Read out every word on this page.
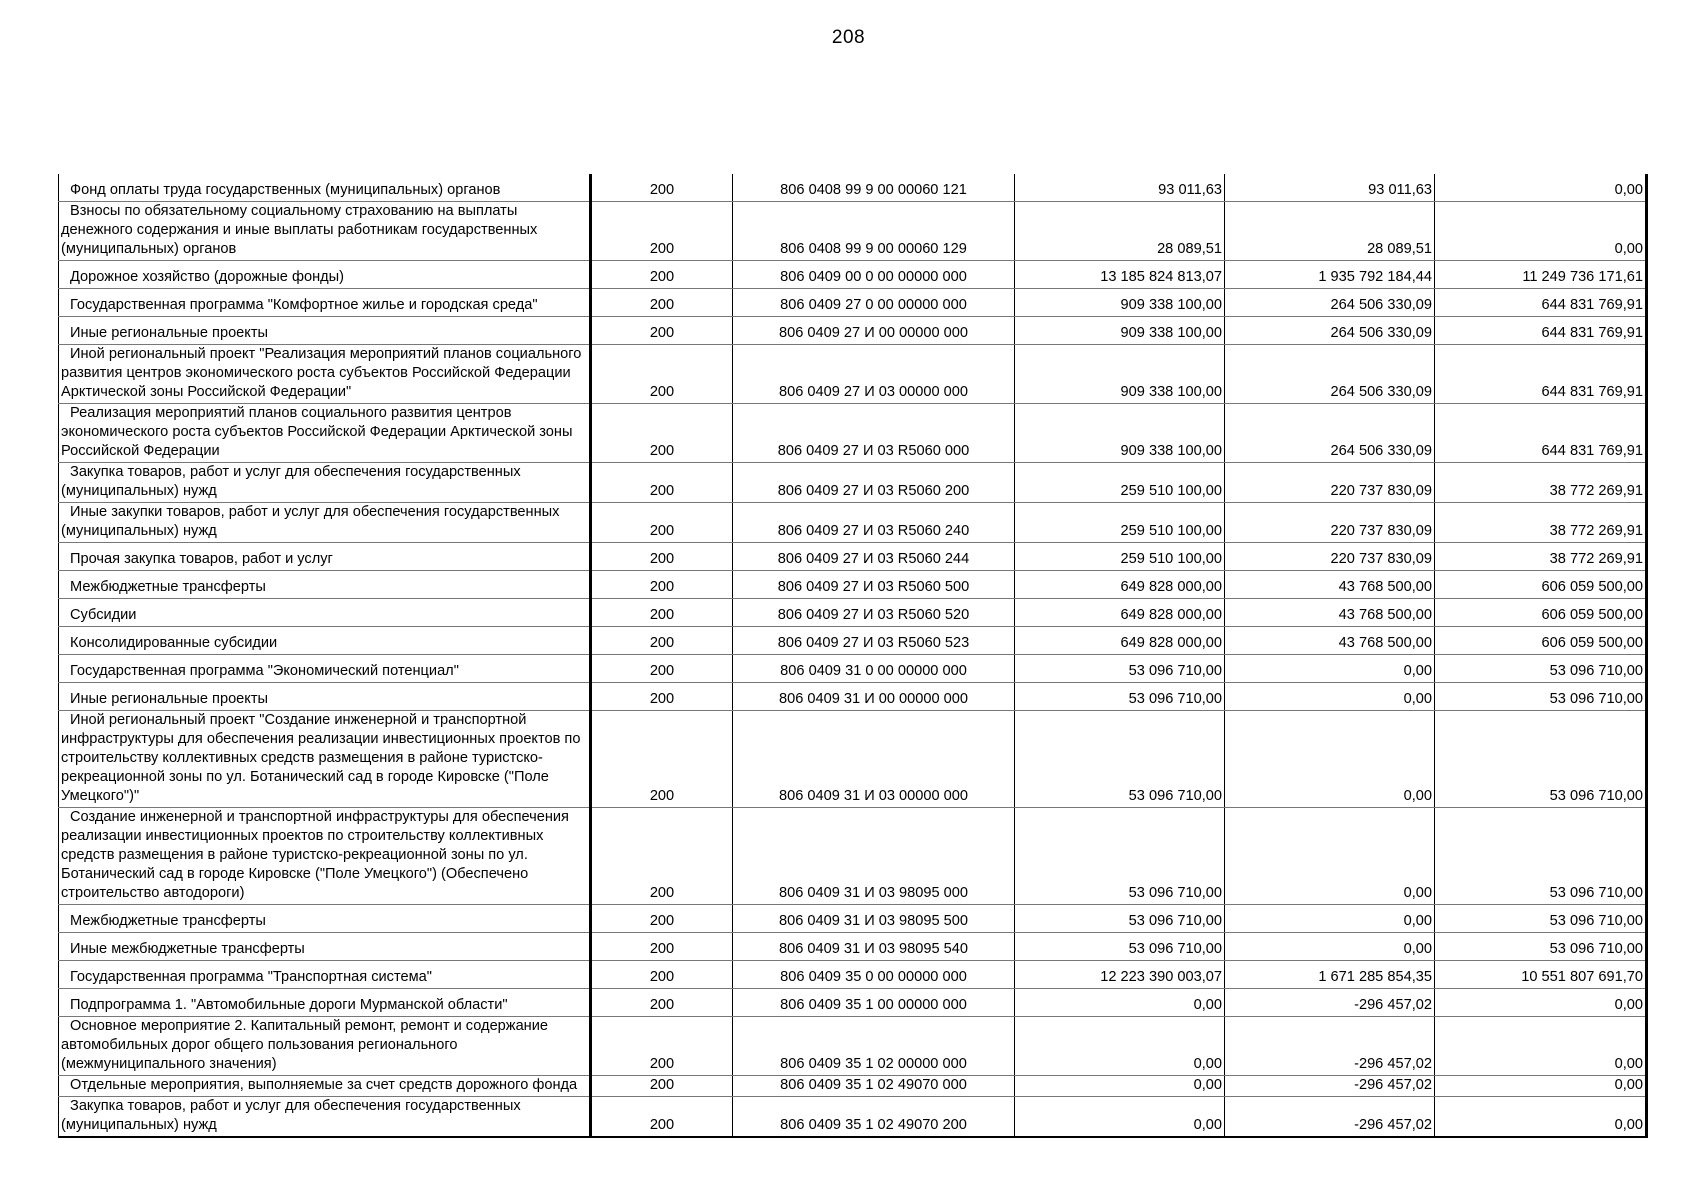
208
Фонд оплаты труда государственных (муниципальных) органов	200	806 0408 99 9 00 00060 121	93 011,63	93 011,63	0,00

Взносы по обязательному социальному страхованию на выплаты денежного содержания и иные выплаты работникам государственных (муниципальных) органов	200	806 0408 99 9 00 00060 129	28 089,51	28 089,51	0,00

Дорожное хозяйство (дорожные фонды)	200	806 0409 00 0 00 00000 000	13 185 824 813,07	1 935 792 184,44	11 249 736 171,61

Государственная программа "Комфортное жилье и городская среда"	200	806 0409 27 0 00 00000 000	909 338 100,00	264 506 330,09	644 831 769,91

Иные региональные проекты	200	806 0409 27 И 00 00000 000	909 338 100,00	264 506 330,09	644 831 769,91

Иной региональный проект "Реализация мероприятий планов социального развития центров экономического роста субъектов Российской Федерации Арктической зоны Российской Федерации"	200	806 0409 27 И 03 00000 000	909 338 100,00	264 506 330,09	644 831 769,91

Реализация мероприятий планов социального развития центров экономического роста субъектов Российской Федерации Арктической зоны Российской Федерации	200	806 0409 27 И 03 R5060 000	909 338 100,00	264 506 330,09	644 831 769,91

Закупка товаров, работ и услуг для обеспечения государственных (муниципальных) нужд	200	806 0409 27 И 03 R5060 200	259 510 100,00	220 737 830,09	38 772 269,91

Иные закупки товаров, работ и услуг для обеспечения государственных (муниципальных) нужд	200	806 0409 27 И 03 R5060 240	259 510 100,00	220 737 830,09	38 772 269,91

Прочая закупка товаров, работ и услуг	200	806 0409 27 И 03 R5060 244	259 510 100,00	220 737 830,09	38 772 269,91

Межбюджетные трансферты	200	806 0409 27 И 03 R5060 500	649 828 000,00	43 768 500,00	606 059 500,00

Субсидии	200	806 0409 27 И 03 R5060 520	649 828 000,00	43 768 500,00	606 059 500,00

Консолидированные субсидии	200	806 0409 27 И 03 R5060 523	649 828 000,00	43 768 500,00	606 059 500,00

Государственная программа "Экономический потенциал"	200	806 0409 31 0 00 00000 000	53 096 710,00	0,00	53 096 710,00

Иные региональные проекты	200	806 0409 31 И 00 00000 000	53 096 710,00	0,00	53 096 710,00

Иной региональный проект "Создание инженерной и транспортной инфраструктуры для обеспечения реализации инвестиционных проектов по строительству коллективных средств размещения в районе туристско-рекреационной зоны по ул. Ботанический сад в городе Кировске ("Поле Умецкого")"	200	806 0409 31 И 03 00000 000	53 096 710,00	0,00	53 096 710,00

Создание инженерной и транспортной инфраструктуры для обеспечения реализации инвестиционных проектов по строительству коллективных средств размещения в районе туристско-рекреационной зоны по ул. Ботанический сад в городе Кировске ("Поле Умецкого") (Обеспечено строительство автодороги)	200	806 0409 31 И 03 98095 000	53 096 710,00	0,00	53 096 710,00

Межбюджетные трансферты	200	806 0409 31 И 03 98095 500	53 096 710,00	0,00	53 096 710,00

Иные межбюджетные трансферты	200	806 0409 31 И 03 98095 540	53 096 710,00	0,00	53 096 710,00

Государственная программа "Транспортная система"	200	806 0409 35 0 00 00000 000	12 223 390 003,07	1 671 285 854,35	10 551 807 691,70

Подпрограмма 1. "Автомобильные дороги Мурманской области"	200	806 0409 35 1 00 00000 000	0,00	-296 457,02	0,00

Основное мероприятие 2. Капитальный ремонт, ремонт и содержание автомобильных дорог общего пользования регионального (межмуниципального значения)	200	806 0409 35 1 02 00000 000	0,00	-296 457,02	0,00

Отдельные мероприятия, выполняемые за счет средств дорожного фонда	200	806 0409 35 1 02 49070 000	0,00	-296 457,02	0,00

Закупка товаров, работ и услуг для обеспечения государственных (муниципальных) нужд	200	806 0409 35 1 02 49070 200	0,00	-296 457,02	0,00
